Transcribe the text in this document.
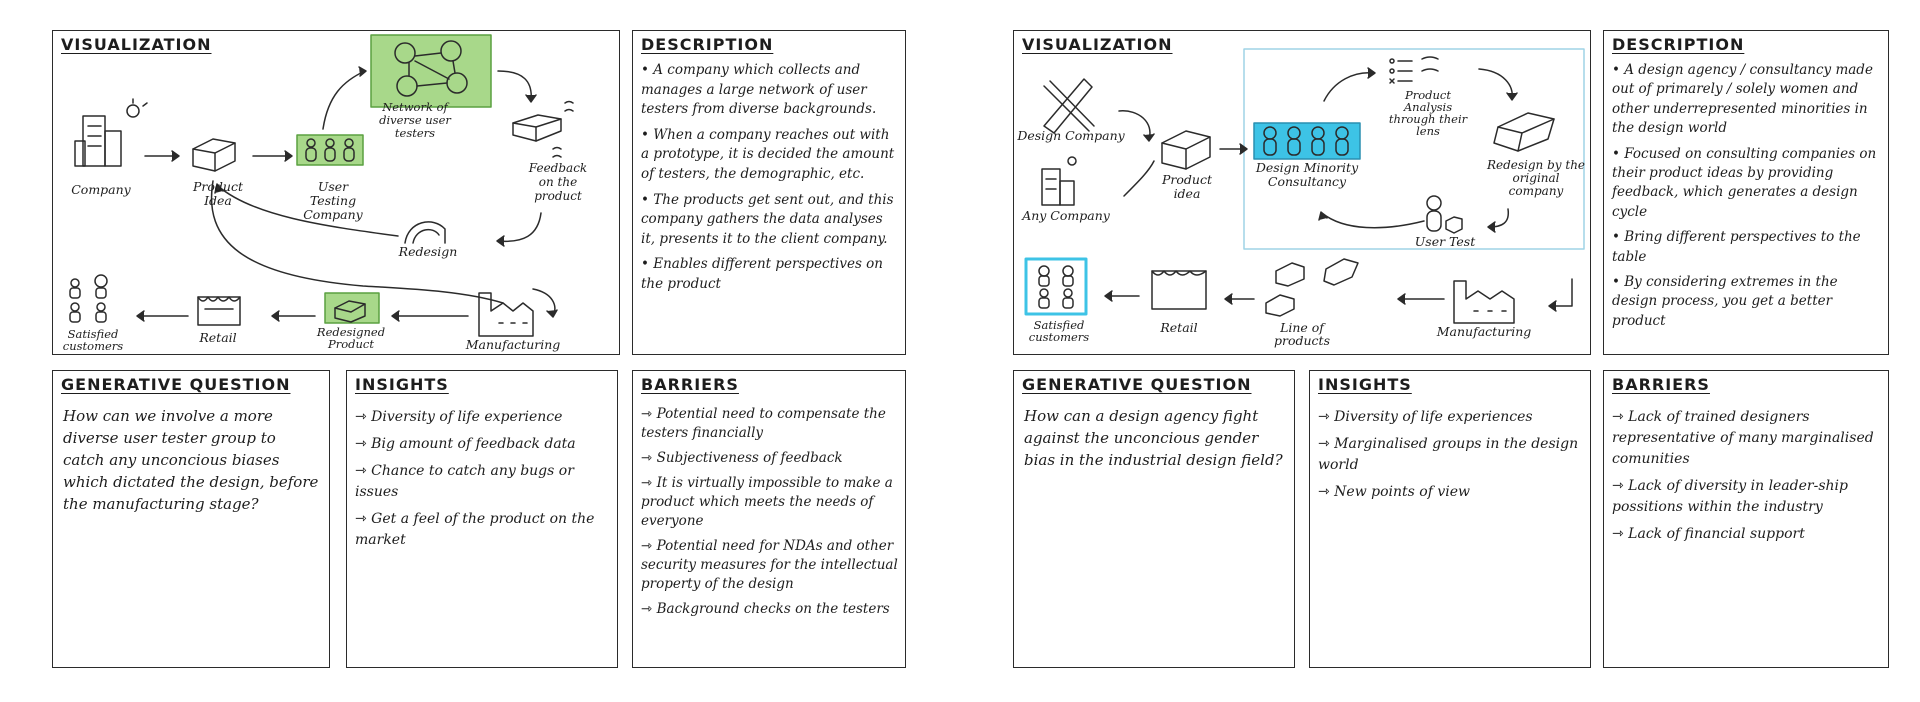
VISUALIZATION
Company	Product Idea
User Testing Company
Network of diverse user testers
Feedback on the product
Redesign
Manufacturing
Redesigned Product
Retail
Satisfied customers
DESCRIPTION
• A company which collects and manages a large network of user testers from diverse backgrounds.
• When a company reaches out with a prototype, it is decided the amount of testers, the demographic, etc.
• The products get sent out, and this company gathers the data analyses it, presents it to the client company.
• Enables different perspectives on the product
GENERATIVE QUESTION
How can we involve a more diverse user tester group to catch any unconcious biases which dictated the design, before the manufacturing stage?
INSIGHTS
⇾ Diversity of life experience
⇾ Big amount of feedback data
⇾ Chance to catch any bugs or issues
⇾ Get a feel of the product on the market
BARRIERS
⇾ Potential need to compensate the testers financially
⇾ Subjectiveness of feedback
⇾ It is virtually impossible to make a product which meets the needs of everyone
⇾ Potential need for NDAs and other security measures for the intellectual property of the design
⇾ Background checks on the testers
VISUALIZATION
Design Company
Any Company
Product idea
Design Minority Consultancy
Product Analysis through their lens
Redesign by the original company
User Test
Manufacturing
Line of products
Retail
Satisfied customers
DESCRIPTION
• A design agency / consultancy made out of primarely / solely women and other underrepresented minorities in the design world
• Focused on consulting companies on their product ideas by providing feedback, which generates a design cycle
• Bring different perspectives to the table
• By considering extremes in the design process, you get a better product
GENERATIVE QUESTION
How can a design agency fight against the unconcious gender bias in the industrial design field?
INSIGHTS
⇾ Diversity of life experiences
⇾ Marginalised groups in the design world
⇾ New points of view
BARRIERS
⇾ Lack of trained designers representative of many marginalised comunities
⇾ Lack of diversity in leader-ship possitions within the industry
⇾ Lack of financial support
